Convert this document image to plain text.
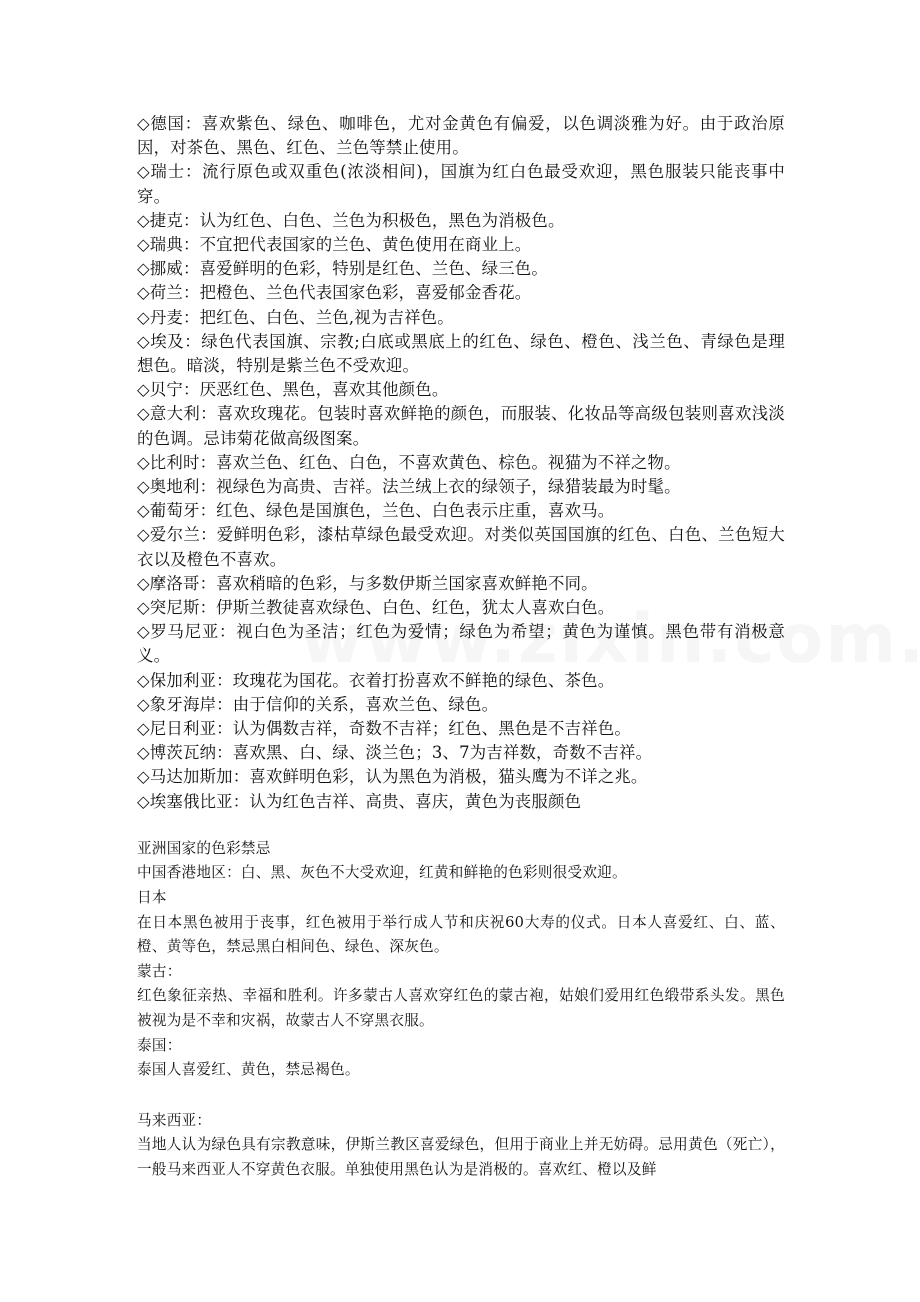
◇德国：喜欢紫色、绿色、咖啡色，尤对金黄色有偏爱，以色调淡雅为好。由于政治原因，对茶色、黑色、红色、兰色等禁止使用。

◇瑞士：流行原色或双重色(浓淡相间)，国旗为红白色最受欢迎，黑色服装只能丧事中穿。

◇捷克：认为红色、白色、兰色为积极色，黑色为消极色。

◇瑞典：不宜把代表国家的兰色、黄色使用在商业上。

◇挪威：喜爱鲜明的色彩，特别是红色、兰色、绿三色。

◇荷兰：把橙色、兰色代表国家色彩，喜爱郁金香花。

◇丹麦：把红色、白色、兰色,视为吉祥色。

◇埃及：绿色代表国旗、宗教;白底或黑底上的红色、绿色、橙色、浅兰色、青绿色是理想色。暗淡，特别是紫兰色不受欢迎。

◇贝宁：厌恶红色、黑色，喜欢其他颜色。

◇意大利：喜欢玫瑰花。包装时喜欢鲜艳的颜色，而服装、化妆品等高级包装则喜欢浅淡的色调。忌讳菊花做高级图案。

◇比利时：喜欢兰色、红色、白色，不喜欢黄色、棕色。视猫为不祥之物。

◇奥地利：视绿色为高贵、吉祥。法兰绒上衣的绿领子，绿猎装最为时髦。

◇葡萄牙：红色、绿色是国旗色，兰色、白色表示庄重，喜欢马。

◇爱尔兰：爱鲜明色彩，漆枯草绿色最受欢迎。对类似英国国旗的红色、白色、兰色短大衣以及橙色不喜欢。

◇摩洛哥：喜欢稍暗的色彩，与多数伊斯兰国家喜欢鲜艳不同。

◇突尼斯：伊斯兰教徒喜欢绿色、白色、红色，犹太人喜欢白色。

◇罗马尼亚：视白色为圣洁；红色为爱情；绿色为希望；黄色为谨慎。黑色带有消极意义。

◇保加利亚：玫瑰花为国花。衣着打扮喜欢不鲜艳的绿色、茶色。

◇象牙海岸：由于信仰的关系，喜欢兰色、绿色。

◇尼日利亚：认为偶数吉祥，奇数不吉祥；红色、黑色是不吉祥色。

◇博茨瓦纳：喜欢黑、白、绿、淡兰色；3、7为吉祥数，奇数不吉祥。

◇马达加斯加：喜欢鲜明色彩，认为黑色为消极，猫头鹰为不详之兆。

◇埃塞俄比亚：认为红色吉祥、高贵、喜庆，黄色为丧服颜色

亚洲国家的色彩禁忌

中国香港地区：白、黑、灰色不大受欢迎，红黄和鲜艳的色彩则很受欢迎。

日本

在日本黑色被用于丧事，红色被用于举行成人节和庆祝60大寿的仪式。日本人喜爱红、白、蓝、橙、黄等色，禁忌黑白相间色、绿色、深灰色。

蒙古：

红色象征亲热、幸福和胜利。许多蒙古人喜欢穿红色的蒙古袍，姑娘们爱用红色缎带系头发。黑色被视为是不幸和灾祸，故蒙古人不穿黑衣服。

泰国：

泰国人喜爱红、黄色，禁忌褐色。

马来西亚：

当地人认为绿色具有宗教意味，伊斯兰教区喜爱绿色，但用于商业上并无妨碍。忌用黄色（死亡），一般马来西亚人不穿黄色衣服。单独使用黑色认为是消极的。喜欢红、橙以及鲜
